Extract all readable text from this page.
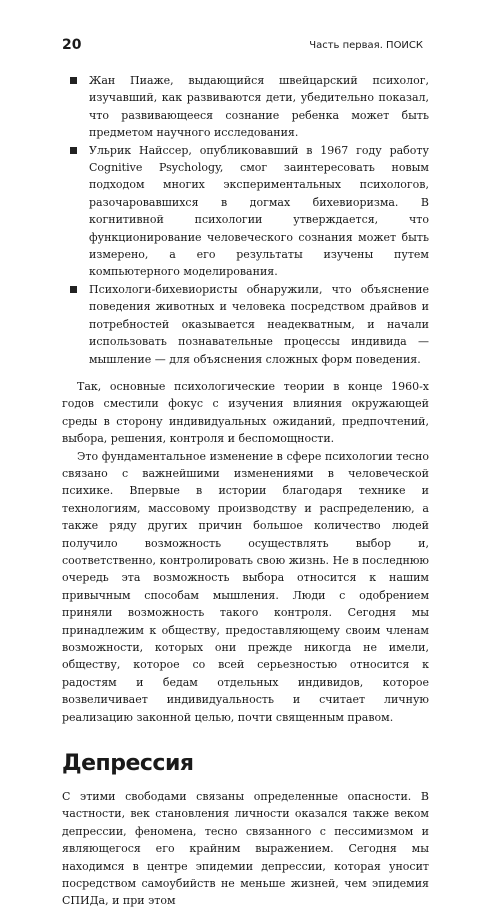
20	Часть первая. ПОИСК
Жан Пиаже, выдающийся швейцарский психолог, изучавший, как развиваются дети, убедительно показал, что развивающееся сознание ребенка может быть предметом научного исследования.
Ульрик Найссер, опубликовавший в 1967 году работу Cognitive Psychology, смог заинтересовать новым подходом многих экспериментальных психологов, разочаровавшихся в догмах бихевиоризма. В когнитивной психологии утверждается, что функционирование человеческого сознания может быть измерено, а его результаты изучены путем компьютерного моделирования.
Психологи-бихевиористы обнаружили, что объяснение поведения животных и человека посредством драйвов и потребностей оказывается неадекватным, и начали использовать познавательные процессы индивида — мышление — для объяснения сложных форм поведения.

Так, основные психологические теории в конце 1960-х годов сместили фокус с изучения влияния окружающей среды в сторону индивидуальных ожиданий, предпочтений, выбора, решения, контроля и беспомощности.

Это фундаментальное изменение в сфере психологии тесно связано с важнейшими изменениями в человеческой психике. Впервые в истории благодаря технике и технологиям, массовому производству и распределению, а также ряду других причин большое количество людей получило возможность осуществлять выбор и, соответственно, контролировать свою жизнь. Не в последнюю очередь эта возможность выбора относится к нашим привычным способам мышления. Люди с одобрением приняли возможность такого контроля. Сегодня мы принадлежим к обществу, предоставляющему своим членам возможности, которых они прежде никогда не имели, обществу, которое со всей серьезностью относится к радостям и бедам отдельных индивидов, которое возвеличивает индивидуальность и считает личную реализацию законной целью, почти священным правом.

Депрессия

С этими свободами связаны определенные опасности. В частности, век становления личности оказался также веком депрессии, феномена, тесно связанного с пессимизмом и являющегося его крайним выражением. Сегодня мы находимся в центре эпидемии депрессии, которая уносит посредством самоубийств не меньше жизней, чем эпидемия СПИДа, и при этом
